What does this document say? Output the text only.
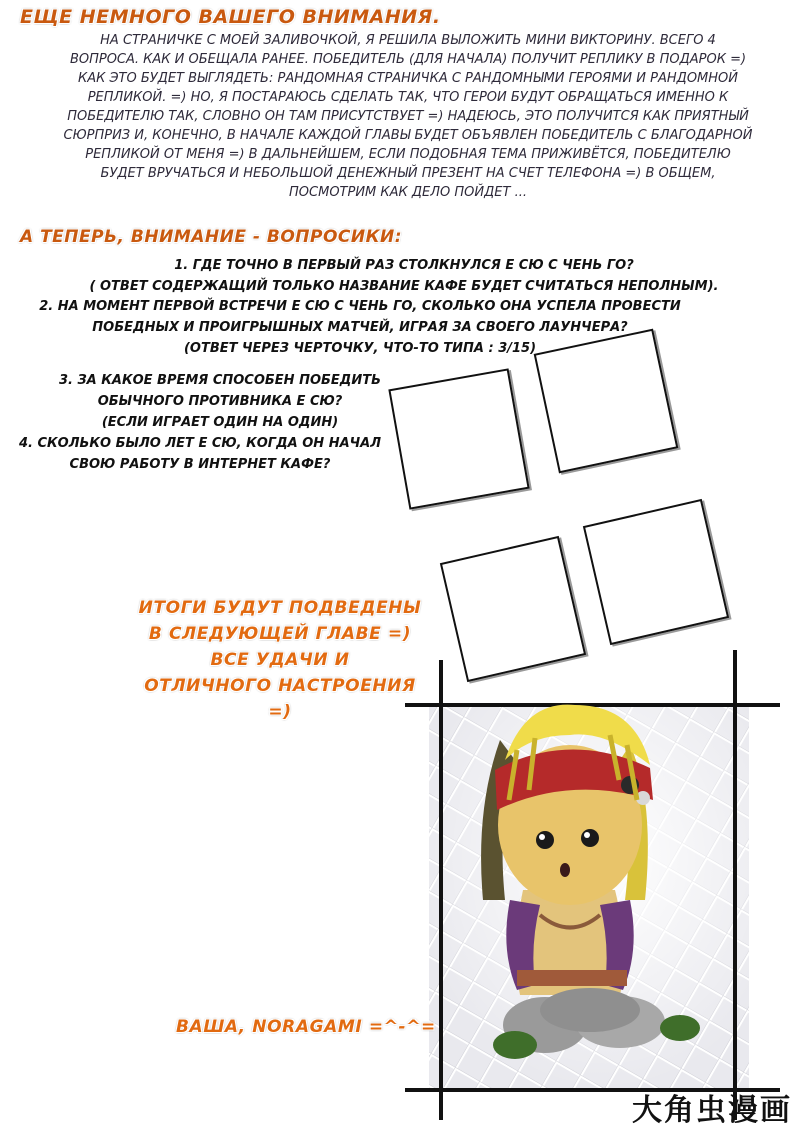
ЕЩЕ НЕМНОГО ВАШЕГО ВНИМАНИЯ.
НА СТРАНИЧКЕ С МОЕЙ ЗАЛИВОЧКОЙ, Я РЕШИЛА ВЫЛОЖИТЬ МИНИ ВИКТОРИНУ. ВСЕГО 4
ВОПРОСА. КАК И ОБЕЩАЛА РАНЕЕ. ПОБЕДИТЕЛЬ (ДЛЯ НАЧАЛА) ПОЛУЧИТ РЕПЛИКУ В ПОДАРОК =)
КАК ЭТО БУДЕТ ВЫГЛЯДЕТЬ: РАНДОМНАЯ СТРАНИЧКА С РАНДОМНЫМИ ГЕРОЯМИ И РАНДОМНОЙ
РЕПЛИКОЙ. =) НО, Я ПОСТАРАЮСЬ СДЕЛАТЬ ТАК, ЧТО ГЕРОИ БУДУТ ОБРАЩАТЬСЯ ИМЕННО К
ПОБЕДИТЕЛЮ ТАК, СЛОВНО ОН ТАМ ПРИСУТСТВУЕТ =) НАДЕЮСЬ, ЭТО ПОЛУЧИТСЯ КАК ПРИЯТНЫЙ
СЮРПРИЗ И, КОНЕЧНО, В НАЧАЛЕ КАЖДОЙ ГЛАВЫ БУДЕТ ОБЪЯВЛЕН ПОБЕДИТЕЛЬ С БЛАГОДАРНОЙ
РЕПЛИКОЙ ОТ МЕНЯ =) В ДАЛЬНЕЙШЕМ, ЕСЛИ ПОДОБНАЯ ТЕМА ПРИЖИВЁТСЯ, ПОБЕДИТЕЛЮ
БУДЕТ ВРУЧАТЬСЯ И НЕБОЛЬШОЙ ДЕНЕЖНЫЙ ПРЕЗЕНТ НА СЧЕТ ТЕЛЕФОНА =) В ОБЩЕМ,
ПОСМОТРИМ КАК ДЕЛО ПОЙДЕТ ...
А ТЕПЕРЬ, ВНИМАНИЕ - ВОПРОСИКИ:
1. ГДЕ ТОЧНО В ПЕРВЫЙ РАЗ СТОЛКНУЛСЯ Е СЮ С ЧЕНЬ ГО?
( ОТВЕТ СОДЕРЖАЩИЙ ТОЛЬКО НАЗВАНИЕ КАФЕ БУДЕТ СЧИТАТЬСЯ НЕПОЛНЫМ).
2. НА МОМЕНТ ПЕРВОЙ ВСТРЕЧИ Е СЮ С ЧЕНЬ ГО, СКОЛЬКО ОНА УСПЕЛА ПРОВЕСТИ
ПОБЕДНЫХ И ПРОИГРЫШНЫХ МАТЧЕЙ, ИГРАЯ ЗА СВОЕГО ЛАУНЧЕРА?
(ОТВЕТ ЧЕРЕЗ ЧЕРТОЧКУ, ЧТО-ТО ТИПА : 3/15)
3. ЗА КАКОЕ ВРЕМЯ СПОСОБЕН ПОБЕДИТЬ
ОБЫЧНОГО ПРОТИВНИКА Е СЮ?
(ЕСЛИ ИГРАЕТ ОДИН НА ОДИН)
4. СКОЛЬКО БЫЛО ЛЕТ Е СЮ, КОГДА ОН НАЧАЛ
СВОЮ РАБОТУ В ИНТЕРНЕТ КАФЕ?
ИТОГИ БУДУТ ПОДВЕДЕНЫ
В СЛЕДУЮЩЕЙ ГЛАВЕ =)
ВСЕ УДАЧИ И
ОТЛИЧНОГО НАСТРОЕНИЯ =)
ВАША, NORAGAMI =^-^=
大角虫漫画
